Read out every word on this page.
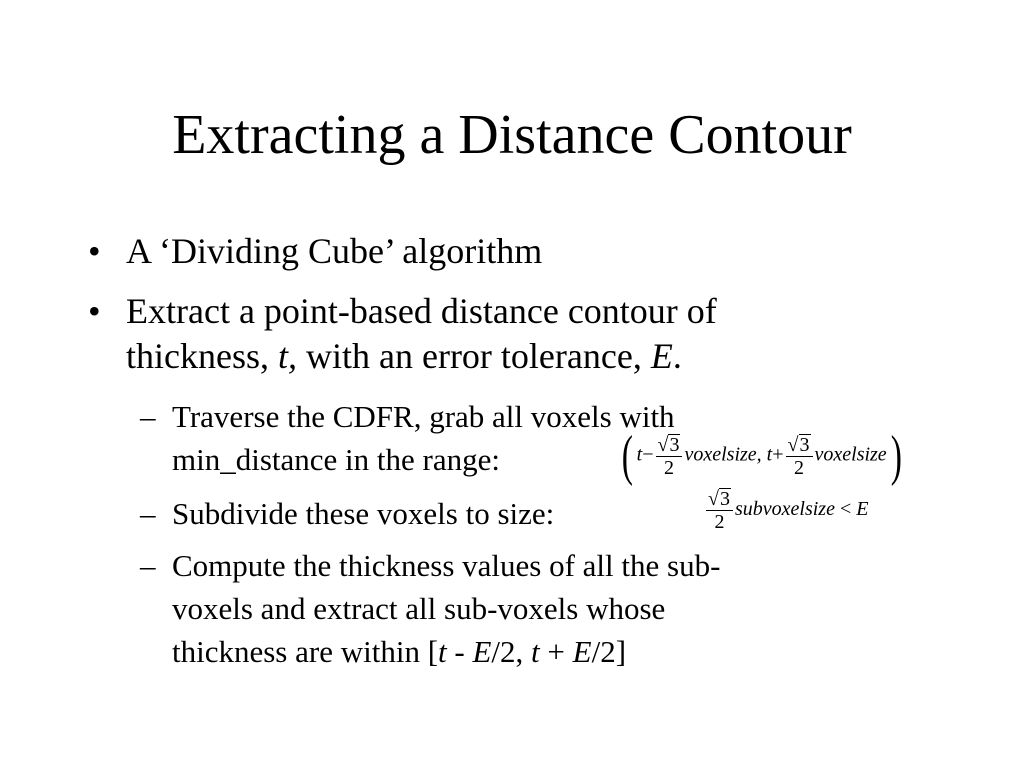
Extracting a Distance Contour
• A ‘Dividing Cube’ algorithm
• Extract a point-based distance contour of
thickness, t, with an error tolerance, E.
– Traverse the CDFR, grab all voxels with
min_distance in the range: ( $t- \frac{√3}{2}$ voxelsize, $t+ \frac{√3}{2}$ voxelsize)
– Subdivide these voxels to size:	$\frac{√3}{2}$ subvoxelsize < E
– Compute the thickness values of all the sub-
voxels and extract all sub-voxels whose
thickness are within [t - E/2, t + E/2]
